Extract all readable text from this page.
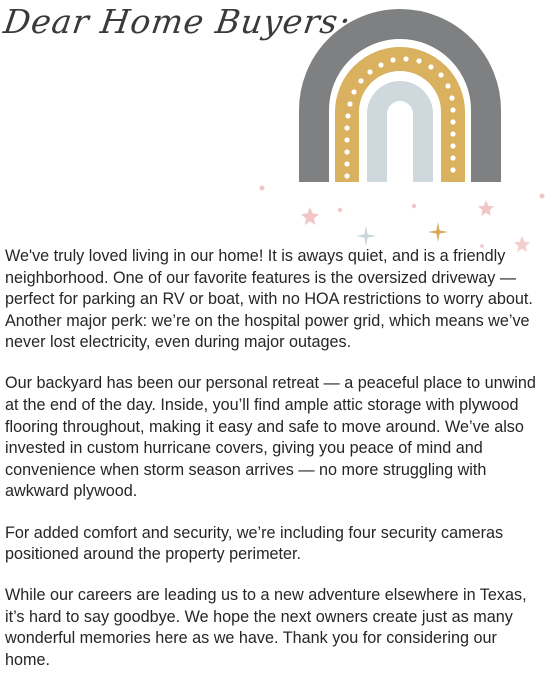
Dear Home Buyers:

We've truly loved living in our home! It is aways quiet, and is a friendly neighborhood. One of our favorite features is the oversized driveway — perfect for parking an RV or boat, with no HOA restrictions to worry about. Another major perk: we’re on the hospital power grid, which means we’ve never lost electricity, even during major outages.

Our backyard has been our personal retreat — a peaceful place to unwind at the end of the day. Inside, you’ll find ample attic storage with plywood flooring throughout, making it easy and safe to move around. We’ve also invested in custom hurricane covers, giving you peace of mind and convenience when storm season arrives — no more struggling with awkward plywood.

For added comfort and security, we’re including four security cameras positioned around the property perimeter.

While our careers are leading us to a new adventure elsewhere in Texas, it’s hard to say goodbye. We hope the next owners create just as many wonderful memories here as we have. Thank you for considering our home.
